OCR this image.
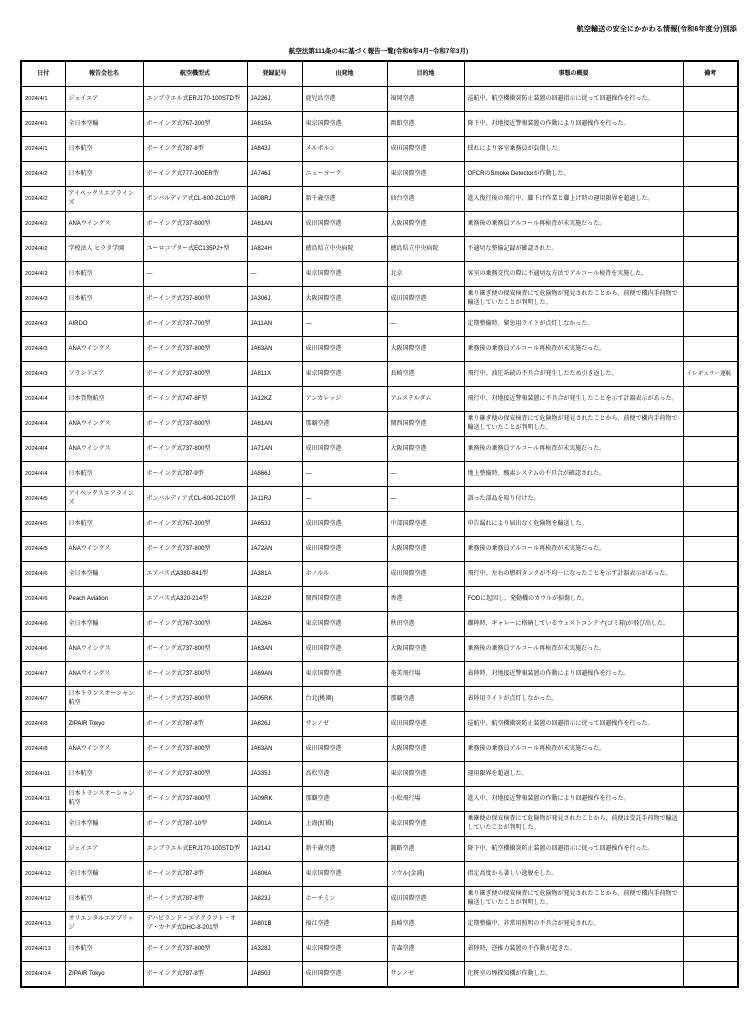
航空輸送の安全にかかわる情報(令和6年度分)別添
航空法第111条の4に基づく報告一覧(令和6年4月~令和7年3月)
日付	報告会社名	航空機型式	登録記号	出発地	目的地	事態の概要	備考
2024/4/1	ジェイエア	エンブラエル式ERJ170-100STD型	JA226J	鹿児島空港	福岡空港	巡航中、航空機衝突防止装置の回避指示に従って回避操作を行った。	
2024/4/1	全日本空輸	ボーイング式767-300型	JA615A	東京国際空港	函館空港	降下中、対地接近警報装置の作動により回避操作を行った。	
2024/4/1	日本航空	ボーイング式787-8型	JA843J	メルボルン	成田国際空港	揺れにより客室乗務員が負傷した。	
2024/4/2	日本航空	ボーイング式777-300ER型	JA746J	ニューヨーク	東京国際空港	OFCRのSmoke Detectorが作動した。	
2024/4/2	アイベックスエアラインズ	ボンバルディア式CL-600-2C10型	JA08RJ	新千歳空港	仙台空港	進入復行後の飛行中、脚下げ作業と脚上げ時の運用限界を超過した。	
2024/4/2	ANAウイングス	ボーイング式737-800型	JA61AN	成田国際空港	大阪国際空港	乗務後の乗務員アルコール再検査が未実施だった。	
2024/4/2	学校法人 ヒラタ学園	ユーロコプター式EC135P2+型	JA824H	徳島県立中央病院	徳島県立中央病院	不適切な整備記録が確認された。	
2024/4/2	日本航空	―	―	東京国際空港	北京	客室の乗務交代の際に不適切な方法でアルコール検査を実施した。	
2024/4/3	日本航空	ボーイング式737-800型	JA306J	大阪国際空港	成田国際空港	乗り継ぎ便の保安検査にて危険物が発見されたことから、前便で機内手荷物で輸送していたことが判明した。	
2024/4/3	AIRDO	ボーイング式737-700型	JA11AN	―	―	定期整備時、緊急用ライトが点灯しなかった。	
2024/4/3	ANAウイングス	ボーイング式737-800型	JA63AN	成田国際空港	大阪国際空港	乗務後の乗務員アルコール再検査が未実施だった。	
2024/4/3	ソラシドエア	ボーイング式737-800型	JA811X	東京国際空港	長崎空港	飛行中、油圧系統の不具合が発生したため引き返した。	イレギュラー運航
2024/4/4	日本貨物航空	ボーイング式747-8F型	JA12KZ	アンカレッジ	アムステルダム	飛行中、対地接近警報装置に不具合が発生したことを示す計器表示があった。	
2024/4/4	ANAウイングス	ボーイング式737-800型	JA61AN	那覇空港	関西国際空港	乗り継ぎ便の保安検査にて危険物が発見されたことから、前便で機内手荷物で輸送していたことが判明した。	
2024/4/4	ANAウイングス	ボーイング式737-800型	JA71AN	成田国際空港	大阪国際空港	乗務後の乗務員アルコール再検査が未実施だった。	
2024/4/4	日本航空	ボーイング式787-9型	JA866J	―	―	地上整備時、酸素システムの不具合が確認された。	
2024/4/5	アイベックスエアラインズ	ボンバルディア式CL-600-2C10型	JA11RJ	―	―	誤った部品を取り付けた。	
2024/4/5	日本航空	ボーイング式767-300型	JA653J	成田国際空港	中部国際空港	申告漏れにより届出なく危険物を輸送した。	
2024/4/5	ANAウイングス	ボーイング式737-800型	JA72AN	成田国際空港	大阪国際空港	乗務後の乗務員アルコール再検査が未実施だった。	
2024/4/6	全日本空輸	エアバス式A380-841型	JA381A	ホノルル	成田国際空港	飛行中、左右の燃料タンクが不均一になったことを示す計器表示があった。	
2024/4/6	Peach Aviation	エアバス式A320-214型	JA822P	関西国際空港	香港	FODに起因し、発動機のカウルが損傷した。	
2024/4/6	全日本空輸	ボーイング式767-300型	JA626A	東京国際空港	秋田空港	離陸時、ギャレーに格納しているウェストコンテナ(ゴミ箱)が飛び出した。	
2024/4/6	ANAウイングス	ボーイング式737-800型	JA63AN	成田国際空港	大阪国際空港	乗務後の乗務員アルコール再検査が未実施だった。	
2024/4/7	ANAウイングス	ボーイング式737-800型	JA69AN	東京国際空港	奄美飛行場	着陸時、対地接近警報装置の作動により回避操作を行った。	
2024/4/7	日本トランスオーシャン航空	ボーイング式737-800型	JA05RK	台北(桃園)	那覇空港	着陸用ライトが点灯しなかった。	
2024/4/8	ZIPAIR Tokyo	ボーイング式787-8型	JA826J	サンノゼ	成田国際空港	巡航中、航空機衝突防止装置の回避指示に従って回避操作を行った。	
2024/4/8	ANAウイングス	ボーイング式737-800型	JA63AN	成田国際空港	大阪国際空港	乗務後の乗務員アルコール再検査が未実施だった。	
2024/4/11	日本航空	ボーイング式737-800型	JA335J	高松空港	東京国際空港	運用限界を超過した。	
2024/4/11	日本トランスオーシャン航空	ボーイング式737-800型	JA09RK	那覇空港	小松飛行場	進入中、対地接近警報装置の作動により回避操作を行った。	
2024/4/11	全日本空輸	ボーイング式787-10型	JA901A	上海(虹橋)	東京国際空港	乗継便の保安検査にて危険物が発見されたことから、前便は受託手荷物で輸送していたことが判明した。	
2024/4/12	ジェイエア	エンブラエル式ERJ170-100STD型	JA214J	新千歳空港	釧路空港	降下中、航空機衝突防止装置の回避指示に従って回避操作を行った。	
2024/4/12	全日本空輸	ボーイング式787-8型	JA806A	東京国際空港	ソウル(金浦)	指定高度から著しい逸脱をした。	
2024/4/12	日本航空	ボーイング式787-8型	JA823J	ホーチミン	成田国際空港	乗り継ぎ便の保安検査にて危険物が発見されたことから、前便で機内手荷物で輸送していたことが判明した。	
2024/4/13	オリエンタルエアブリッジ	デハビランド・エアクラフト・オブ・カナダ式DHC-8-201型	JA801B	福江空港	長崎空港	定期整備中、非常用照明の不具合が発見された。	
2024/4/13	日本航空	ボーイング式737-800型	JA328J	東京国際空港	青森空港	着陸時、逆推力装置の不作動が起きた。	
2024/4/14	ZIPAIR Tokyo	ボーイング式787-8型	JA850J	成田国際空港	サンノゼ	化粧室の煙探知機が作動した。	
